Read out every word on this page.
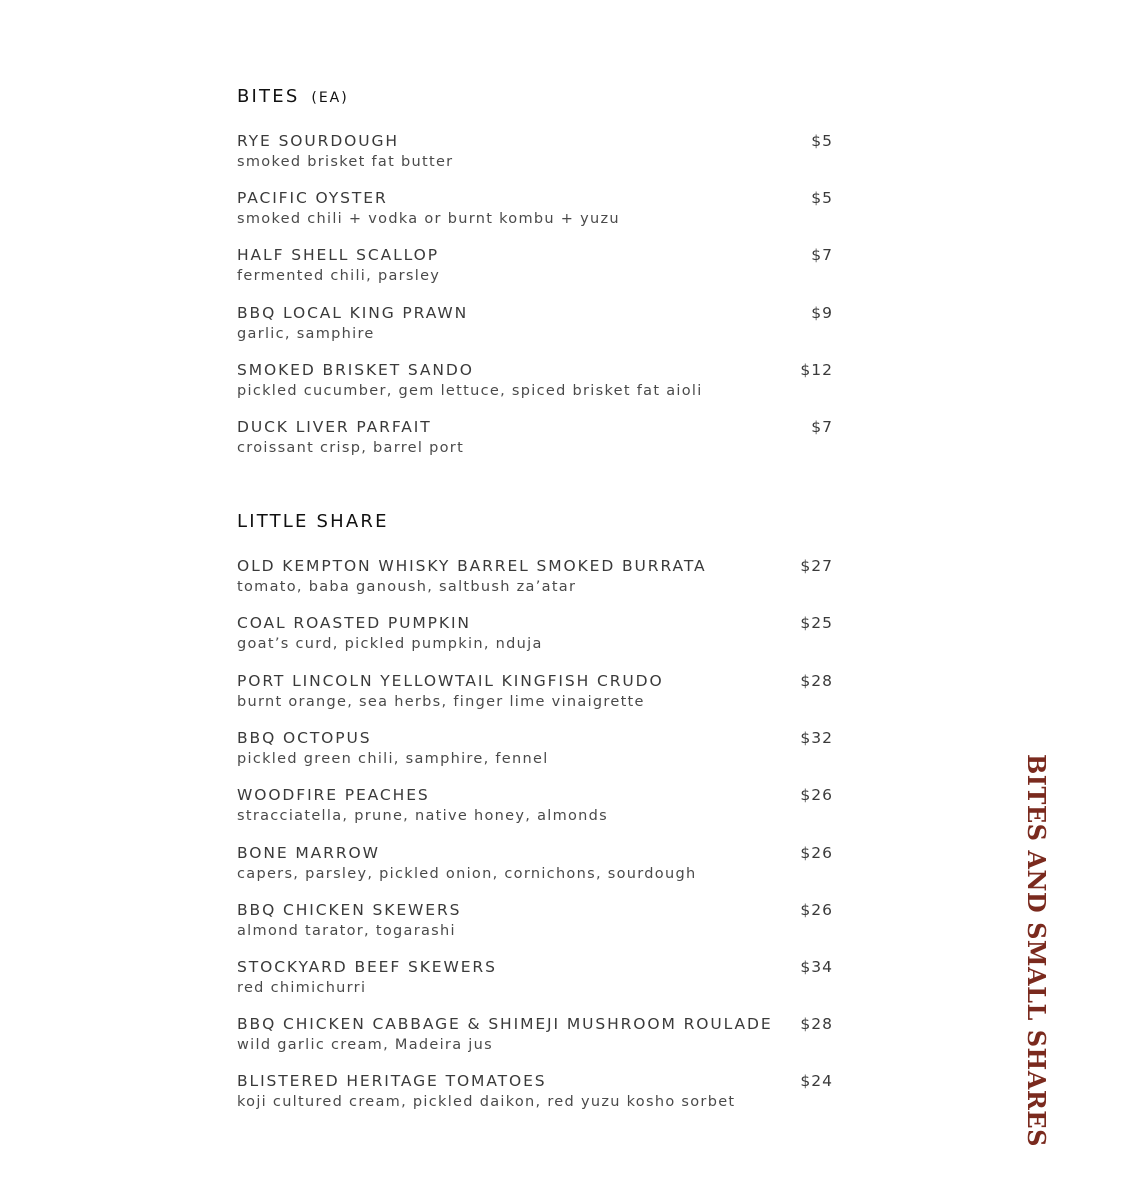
BITES (EA)
RYE SOURDOUGH
smoked brisket fat butter
$5
PACIFIC OYSTER
smoked chili + vodka or burnt kombu + yuzu
$5
HALF SHELL SCALLOP
fermented chili, parsley
$7
BBQ LOCAL KING PRAWN
garlic, samphire
$9
SMOKED BRISKET SANDO
pickled cucumber, gem lettuce, spiced brisket fat aioli
$12
DUCK LIVER PARFAIT
croissant crisp, barrel port
$7
LITTLE SHARE
OLD KEMPTON WHISKY BARREL SMOKED BURRATA
tomato, baba ganoush, saltbush za’atar
$27
COAL ROASTED PUMPKIN
goat’s curd, pickled pumpkin, nduja
$25
PORT LINCOLN YELLOWTAIL KINGFISH CRUDO
burnt orange, sea herbs, finger lime vinaigrette
$28
BBQ OCTOPUS
pickled green chili, samphire, fennel
$32
WOODFIRE PEACHES
stracciatella, prune, native honey, almonds
$26
BONE MARROW
capers, parsley, pickled onion, cornichons, sourdough
$26
BBQ CHICKEN SKEWERS
almond tarator, togarashi
$26
STOCKYARD BEEF SKEWERS
red chimichurri
$34
BBQ CHICKEN CABBAGE & SHIMEJI MUSHROOM ROULADE
wild garlic cream, Madeira jus
$28
BLISTERED HERITAGE TOMATOES
koji cultured cream, pickled daikon, red yuzu kosho sorbet
$24	BITES AND SMALL SHARES
